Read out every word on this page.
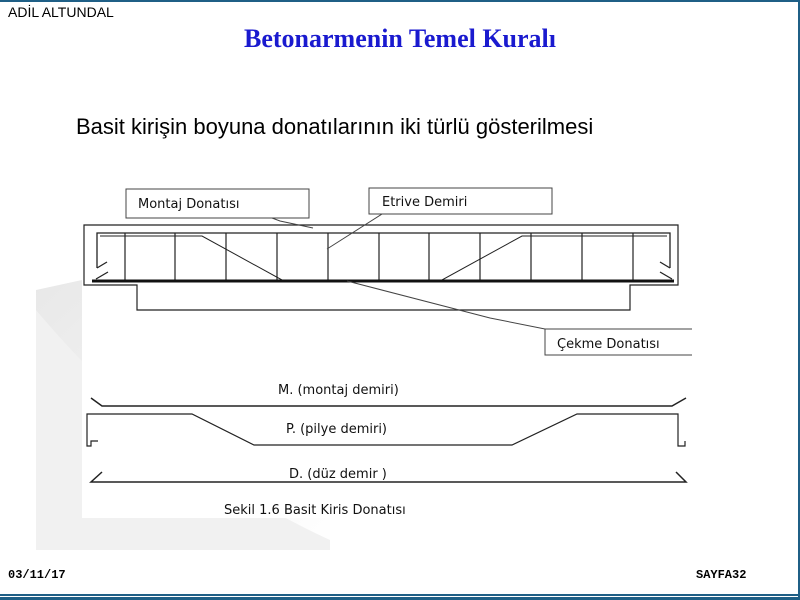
ADİL ALTUNDAL
Betonarmenin Temel Kuralı
Basit kirişin boyuna donatılarının iki türlü gösterilmesi
Montaj Donatısı	Etrive Demiri
Çekme Donatısı
M. (montaj demiri)
P. (pilye demiri)
D. (düz demir )
Sekil 1.6 Basit Kiris Donatısı
03/11/17	SAYFA32
